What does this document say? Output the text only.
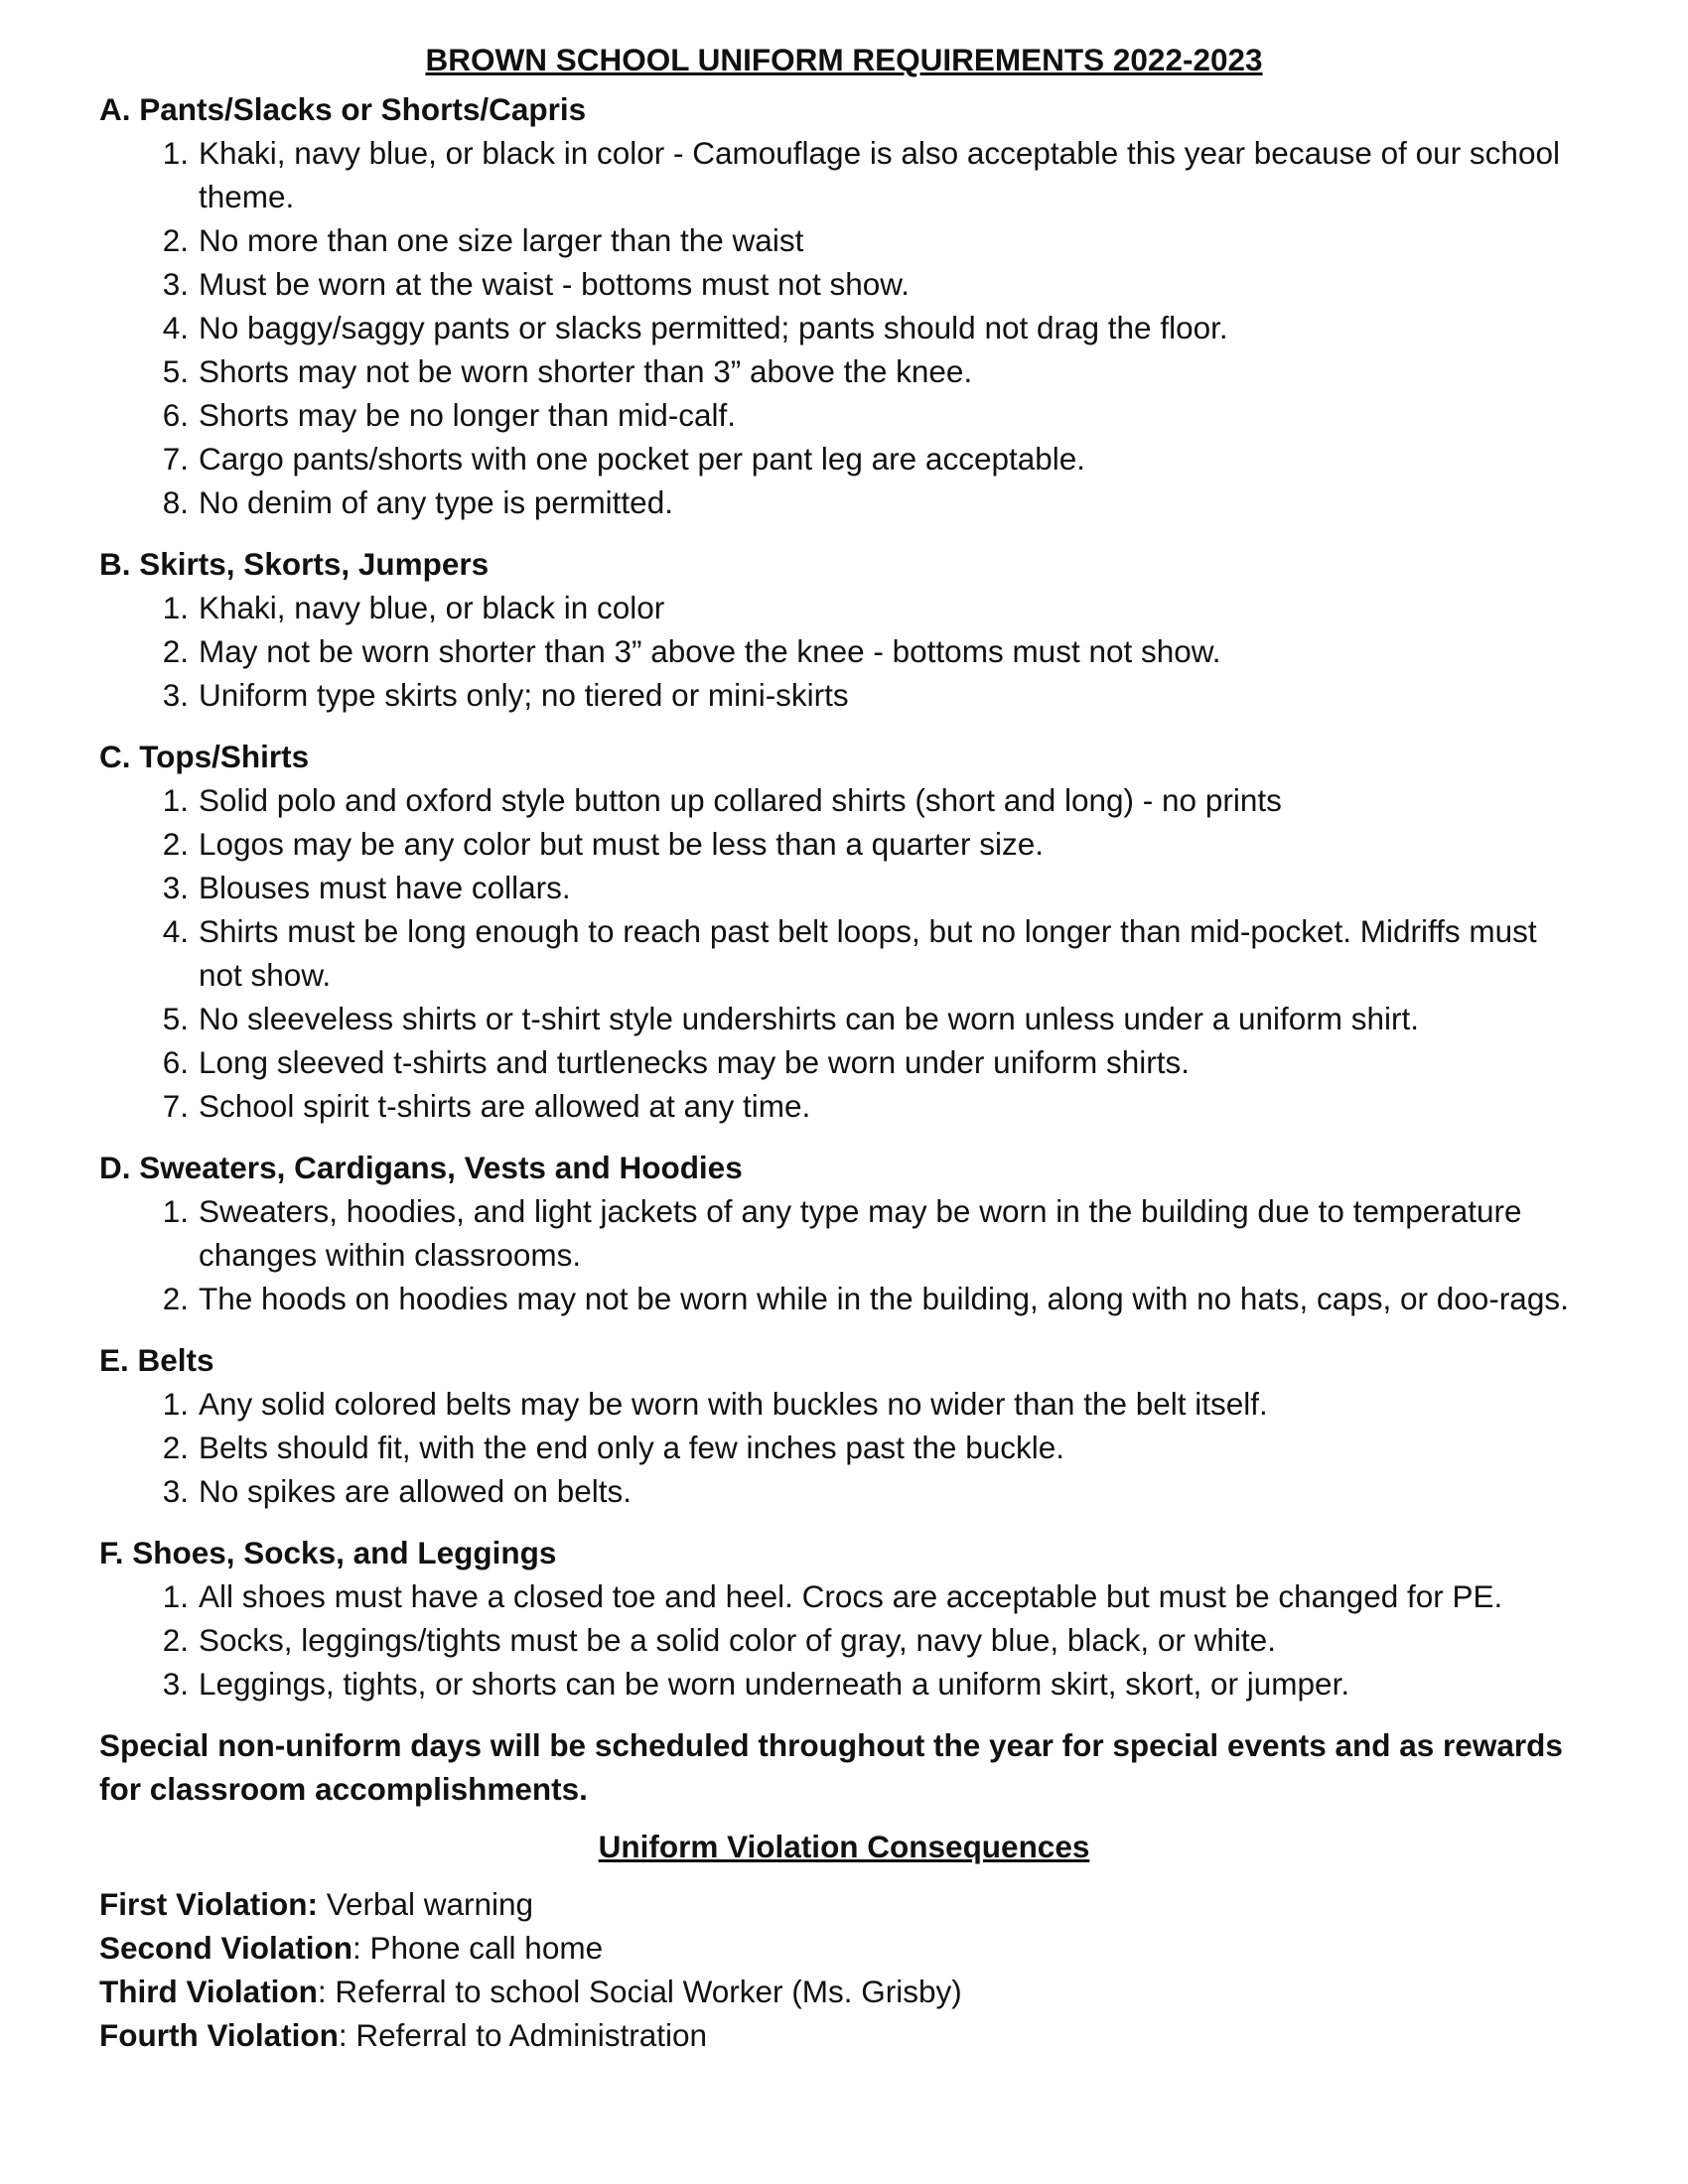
BROWN SCHOOL UNIFORM REQUIREMENTS 2022-2023
A. Pants/Slacks or Shorts/Capris
1. Khaki, navy blue, or black in color - Camouflage is also acceptable this year because of our school theme.
2. No more than one size larger than the waist
3. Must be worn at the waist - bottoms must not show.
4. No baggy/saggy pants or slacks permitted; pants should not drag the floor.
5. Shorts may not be worn shorter than 3” above the knee.
6. Shorts may be no longer than mid-calf.
7. Cargo pants/shorts with one pocket per pant leg are acceptable.
8. No denim of any type is permitted.
B. Skirts, Skorts, Jumpers
1. Khaki, navy blue, or black in color
2. May not be worn shorter than 3” above the knee - bottoms must not show.
3. Uniform type skirts only; no tiered or mini-skirts
C. Tops/Shirts
1. Solid polo and oxford style button up collared shirts (short and long) - no prints
2. Logos may be any color but must be less than a quarter size.
3. Blouses must have collars.
4. Shirts must be long enough to reach past belt loops, but no longer than mid-pocket. Midriffs must not show.
5. No sleeveless shirts or t-shirt style undershirts can be worn unless under a uniform shirt.
6. Long sleeved t-shirts and turtlenecks may be worn under uniform shirts.
7. School spirit t-shirts are allowed at any time.
D. Sweaters, Cardigans, Vests and Hoodies
1. Sweaters, hoodies, and light jackets of any type may be worn in the building due to temperature changes within classrooms.
2. The hoods on hoodies may not be worn while in the building, along with no hats, caps, or doo-rags.
E. Belts
1. Any solid colored belts may be worn with buckles no wider than the belt itself.
2. Belts should fit, with the end only a few inches past the buckle.
3. No spikes are allowed on belts.
F. Shoes, Socks, and Leggings
1. All shoes must have a closed toe and heel. Crocs are acceptable but must be changed for PE.
2. Socks, leggings/tights must be a solid color of gray, navy blue, black, or white.
3. Leggings, tights, or shorts can be worn underneath a uniform skirt, skort, or jumper.
Special non-uniform days will be scheduled throughout the year for special events and as rewards for classroom accomplishments.
Uniform Violation Consequences
First Violation: Verbal warning
Second Violation: Phone call home
Third Violation: Referral to school Social Worker (Ms. Grisby)
Fourth Violation: Referral to Administration
